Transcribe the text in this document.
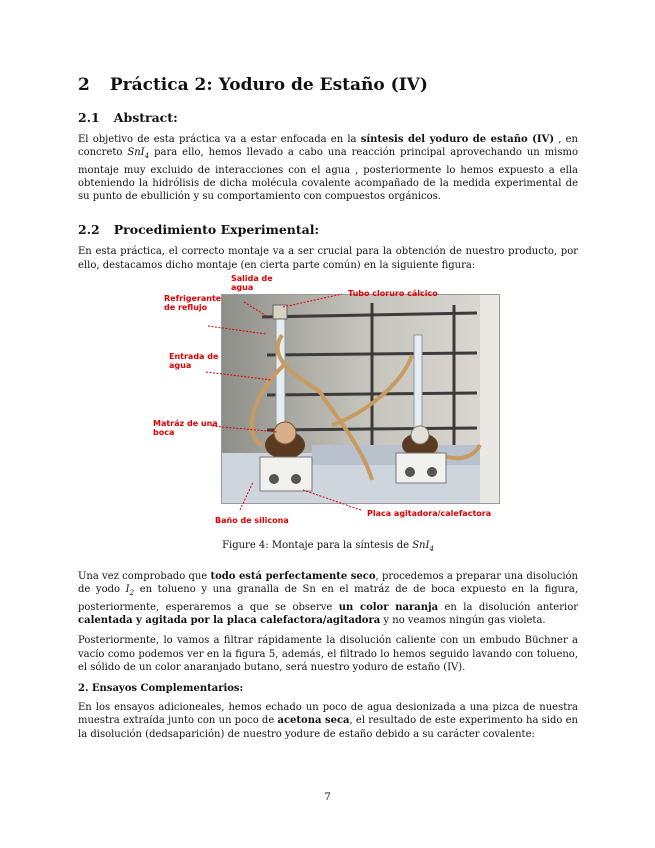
2 Práctica 2: Yoduro de Estaño (IV)
2.1 Abstract:

El objetivo de esta práctica va a estar enfocada en la síntesis del yoduro de estaño (IV) , en concreto SnI$_4$ para ello, hemos llevado a cabo una reacción principal aprovechando un mismo montaje muy excluido de interacciones con el agua , posteriormente lo hemos expuesto a ella obteniendo la hidrólisis de dicha molécula covalente acompañado de la medida experimental de su punto de ebullición y su comportamiento con compuestos orgánicos.

2.2 Procedimiento Experimental:

En esta práctica, el correcto montaje va a ser crucial para la obtención de nuestro producto, por ello, destacamos dicho montaje (en cierta parte común) en la siguiente figura:

Salida de
agua
Tubo cloruro cálcico
Refrigerante
de reflujo
Entrada de
agua
Matráz de una
boca
Baño de silicona
Placa agitadora/calefactora
Figure 4: Montaje para la síntesis de SnI$_4$

Una vez comprobado que todo está perfectamente seco, procedemos a preparar una disolución de yodo $I_2$ en tolueno y una granalla de Sn en el matráz de de boca expuesto en la figura, posteriormente, esperaremos a que se observe un color naranja en la disolución anterior calentada y agitada por la placa calefactora/agitadora y no veamos ningún gas violeta.

Posteriormente, lo vamos a filtrar rápidamente la disolución caliente con un embudo Büchner a vacío como podemos ver en la figura 5, además, el filtrado lo hemos seguido lavando con tolueno, el sólido de un color anaranjado butano, será nuestro yoduro de estaño (IV).

2. Ensayos Complementarios:

En los ensayos adicioneales, hemos echado un poco de agua desionizada a una pizca de nuestra muestra extraída junto con un poco de acetona seca, el resultado de este experimento ha sido en la disolución (dedsaparición) de nuestro yodure de estaño debido a su carácter covalente:

7
